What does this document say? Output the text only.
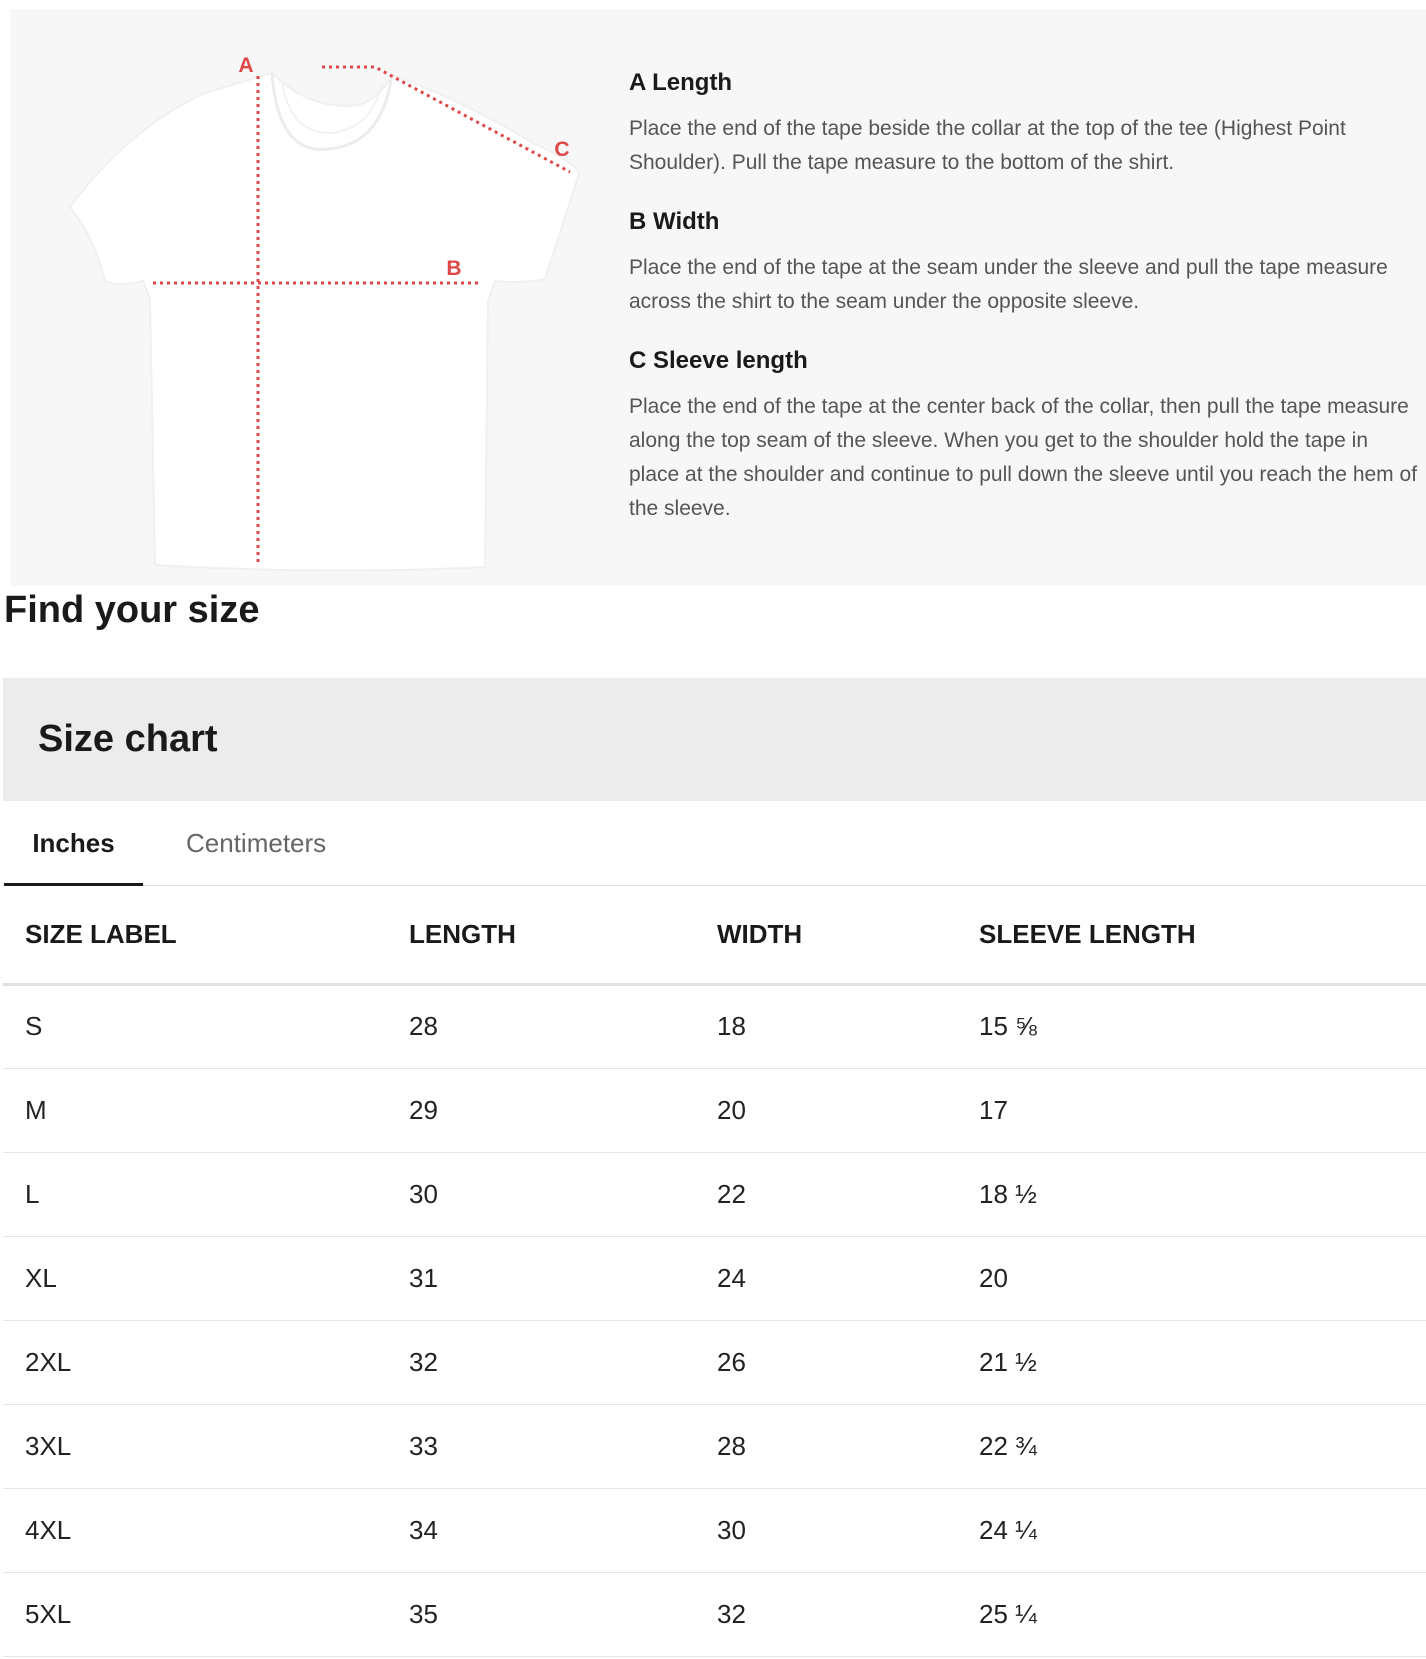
A
B
C
A Length
Place the end of the tape beside the collar at the top of the tee (Highest Point Shoulder). Pull the tape measure to the bottom of the shirt.
B Width
Place the end of the tape at the seam under the sleeve and pull the tape measure across the shirt to the seam under the opposite sleeve.
C Sleeve length
Place the end of the tape at the center back of the collar, then pull the tape measure along the top seam of the sleeve. When you get to the shoulder hold the tape in place at the shoulder and continue to pull down the sleeve until you reach the hem of the sleeve.
Find your size
Size chart
Inches	Centimeters
SIZE LABEL	LENGTH	WIDTH	SLEEVE LENGTH
S	28	18	15 ⅝
M	29	20	17
L	30	22	18 ½
XL	31	24	20
2XL	32	26	21 ½
3XL	33	28	22 ¾
4XL	34	30	24 ¼
5XL	35	32	25 ¼
